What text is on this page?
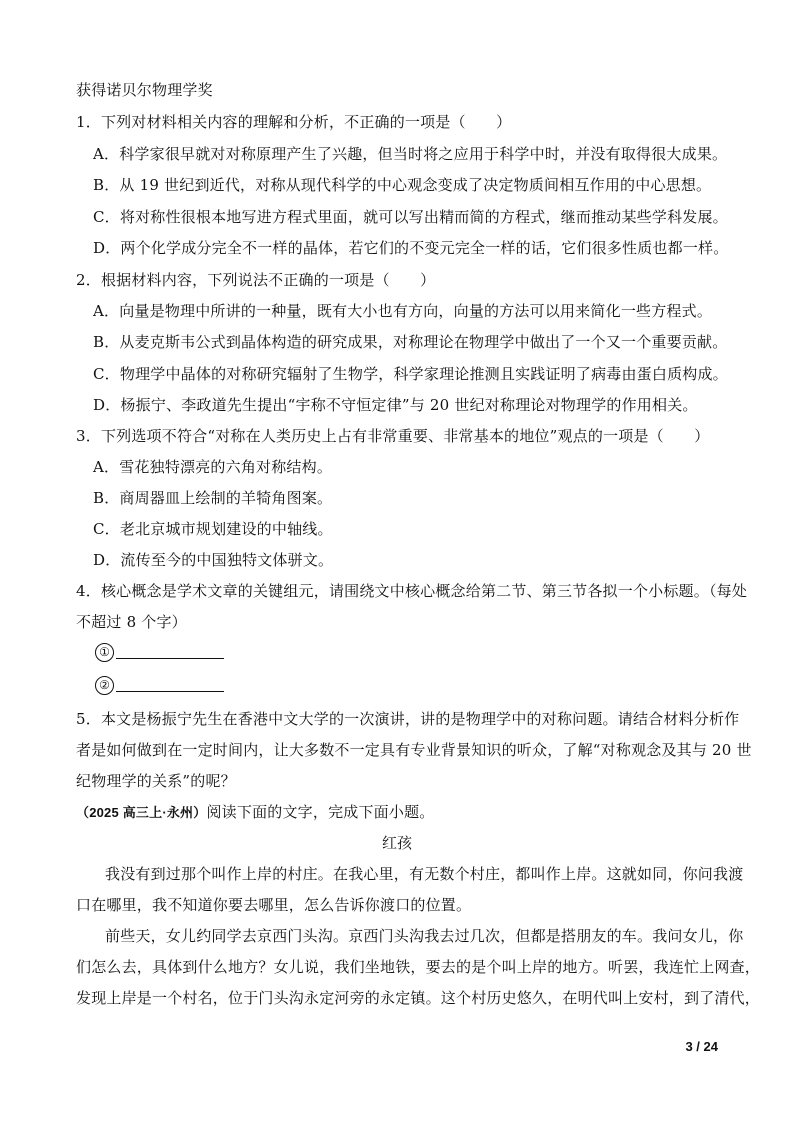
获得诺贝尔物理学奖
1．下列对材料相关内容的理解和分析，不正确的一项是（　　）
A．科学家很早就对对称原理产生了兴趣，但当时将之应用于科学中时，并没有取得很大成果。
B．从 19 世纪到近代，对称从现代科学的中心观念变成了决定物质间相互作用的中心思想。
C．将对称性很根本地写进方程式里面，就可以写出精而简的方程式，继而推动某些学科发展。
D．两个化学成分完全不一样的晶体，若它们的不变元完全一样的话，它们很多性质也都一样。
2．根据材料内容，下列说法不正确的一项是（　　）
A．向量是物理中所讲的一种量，既有大小也有方向，向量的方法可以用来简化一些方程式。
B．从麦克斯韦公式到晶体构造的研究成果，对称理论在物理学中做出了一个又一个重要贡献。
C．物理学中晶体的对称研究辐射了生物学，科学家理论推测且实践证明了病毒由蛋白质构成。
D．杨振宁、李政道先生提出“宇称不守恒定律”与 20 世纪对称理论对物理学的作用相关。
3．下列选项不符合“对称在人类历史上占有非常重要、非常基本的地位”观点的一项是（　　）
A．雪花独特漂亮的六角对称结构。
B．商周器皿上绘制的羊犄角图案。
C．老北京城市规划建设的中轴线。
D．流传至今的中国独特文体骈文。
4．核心概念是学术文章的关键组元，请围绕文中核心概念给第二节、第三节各拟一个小标题。（每处
不超过 8 个字）
①
②
5．本文是杨振宁先生在香港中文大学的一次演讲，讲的是物理学中的对称问题。请结合材料分析作
者是如何做到在一定时间内，让大多数不一定具有专业背景知识的听众，了解“对称观念及其与 20 世
纪物理学的关系”的呢？
（2025 高三上·永州）阅读下面的文字，完成下面小题。
红孩
我没有到过那个叫作上岸的村庄。在我心里，有无数个村庄，都叫作上岸。这就如同，你问我渡
口在哪里，我不知道你要去哪里，怎么告诉你渡口的位置。
前些天，女儿约同学去京西门头沟。京西门头沟我去过几次，但都是搭朋友的车。我问女儿，你
们怎么去，具体到什么地方？女儿说，我们坐地铁，要去的是个叫上岸的地方。听罢，我连忙上网查，
发现上岸是一个村名，位于门头沟永定河旁的永定镇。这个村历史悠久，在明代叫上安村，到了清代，
3 / 24
